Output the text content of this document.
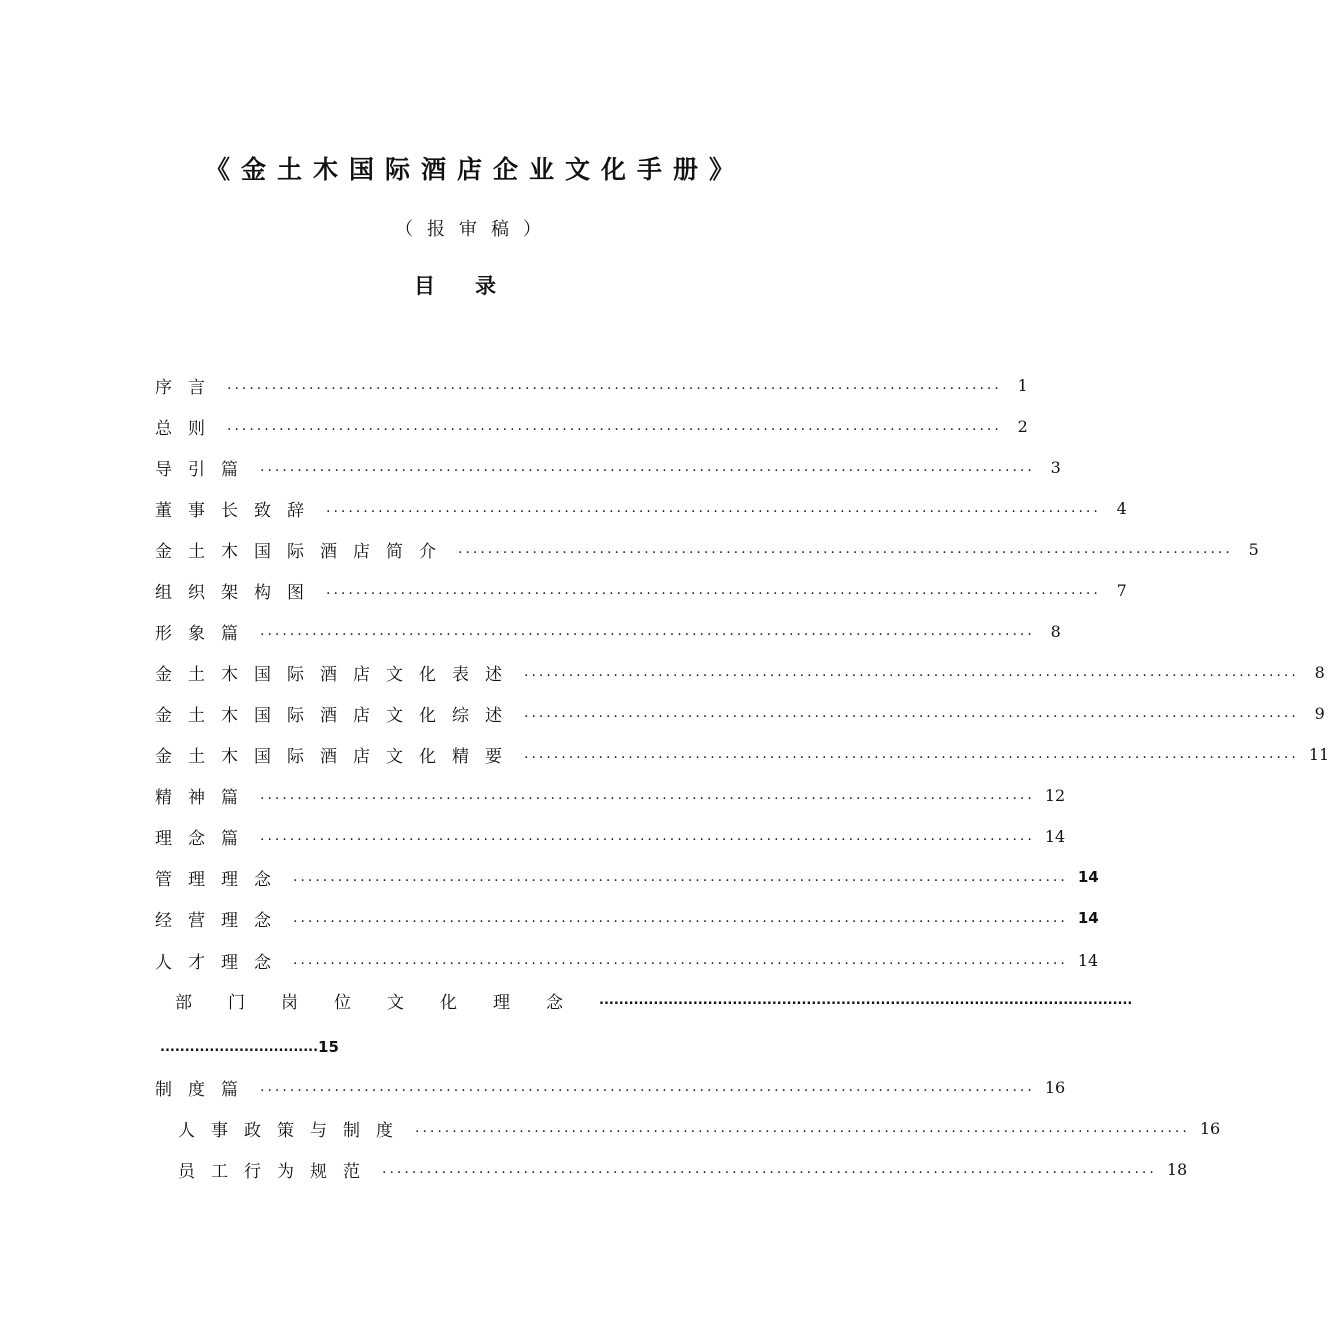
《金土木国际酒店企业文化手册》
（报审稿）
目录
序言 ........................................................................................................ 1
总则 ........................................................................................................ 2
导引篇 ........................................................................................................ 3
董事长致辞 ........................................................................................................ 4
金土木国际酒店简介 ........................................................................................................ 5
组织架构图 ........................................................................................................ 7
形象篇 ........................................................................................................ 8
金土木国际酒店文化表述 ........................................................................................................ 8
金土木国际酒店文化综述 ........................................................................................................ 9
金土木国际酒店文化精要 ........................................................................................................ 11
精神篇 ........................................................................................................ 12
理念篇 ........................................................................................................ 14
管理理念 ........................................................................................................ 14
经营理念 ........................................................................................................ 14
人才理念 ........................................................................................................ 14
部门岗位文化理念 ............................................................................................................
................................ 15
制度篇 ........................................................................................................ 16
人事政策与制度 ........................................................................................................ 16
员工行为规范 ........................................................................................................ 18
